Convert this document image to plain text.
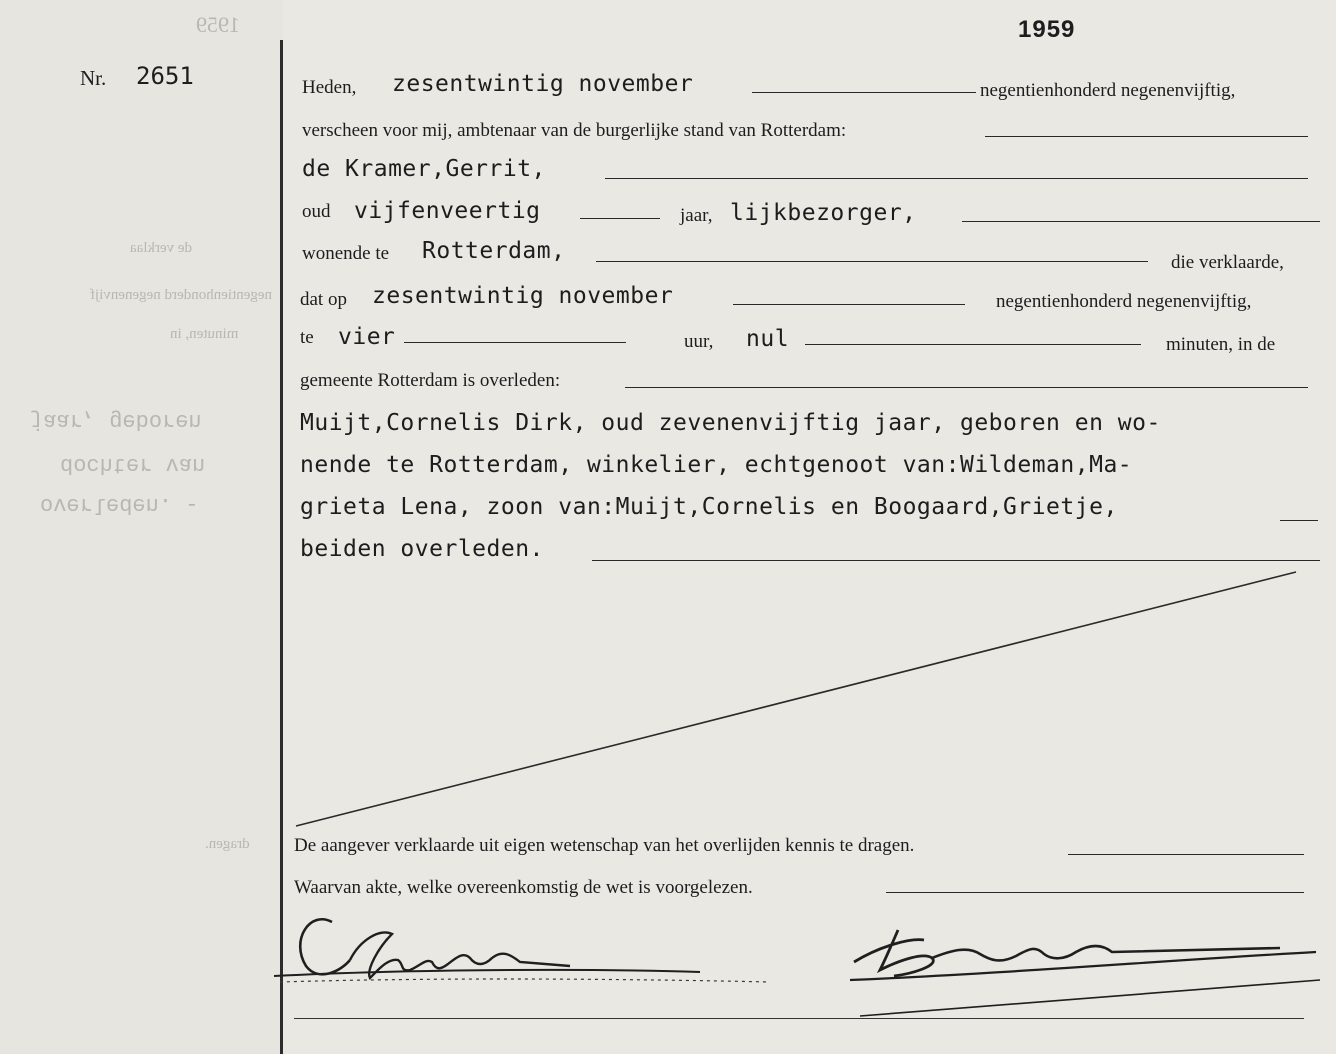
1959
de verklaa
negentienhonderd negenenvijf
minuten, in
dragen.
jaar, geboren
dochter van
overleden. -
1959
Nr. 2651	Heden, zesentwintig november	negentienhonderd negenenvijftig,
verscheen voor mij, ambtenaar van de burgerlijke stand van Rotterdam:
de Kramer,Gerrit,
oud vijfenveertig	jaar, lijkbezorger,
wonende te Rotterdam,	die verklaarde,
dat op zesentwintig november	negentienhonderd negenenvijftig,
te vier	uur, nul	minuten, in de
gemeente Rotterdam is overleden:
Muijt,Cornelis Dirk, oud zevenenvijftig jaar, geboren en wo-
nende te Rotterdam, winkelier, echtgenoot van:Wildeman,Ma-
grieta Lena, zoon van:Muijt,Cornelis en Boogaard,Grietje,
beiden overleden.
De aangever verklaarde uit eigen wetenschap van het overlijden kennis te dragen.
Waarvan akte, welke overeenkomstig de wet is voorgelezen.
